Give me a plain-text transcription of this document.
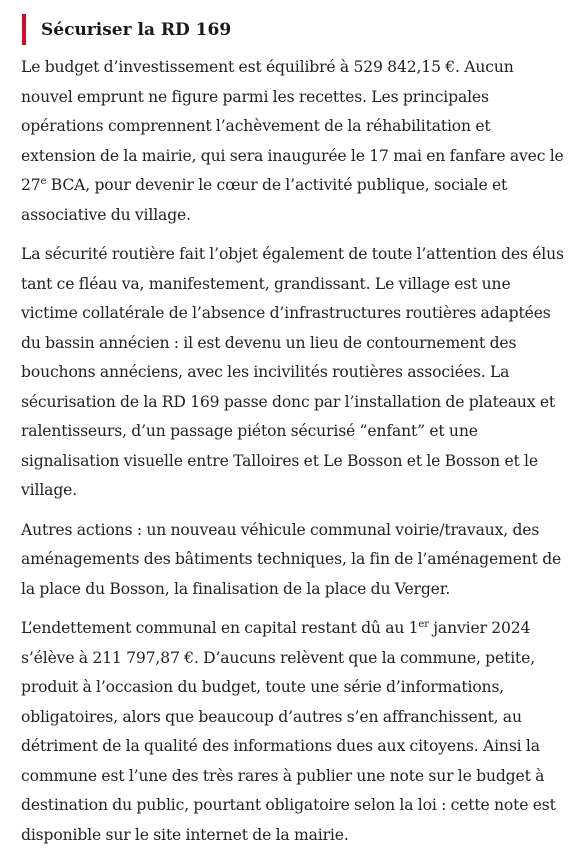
Sécuriser la RD 169

Le budget d’investissement est équilibré à 529 842,15 €. Aucun nouvel emprunt ne figure parmi les recettes. Les principales opérations comprennent l’achèvement de la réhabilitation et extension de la mairie, qui sera inaugurée le 17 mai en fanfare avec le 27e BCA, pour devenir le cœur de l’activité publique, sociale et associative du village.

La sécurité routière fait l’objet également de toute l’attention des élus tant ce fléau va, manifestement, grandissant. Le village est une victime collatérale de l’absence d’infrastructures routières adaptées du bassin annécien : il est devenu un lieu de contournement des bouchons annéciens, avec les incivilités routières associées. La sécurisation de la RD 169 passe donc par l’installation de plateaux et ralentisseurs, d’un passage piéton sécurisé “enfant” et une signalisation visuelle entre Talloires et Le Bosson et le Bosson et le village.

Autres actions : un nouveau véhicule communal voirie/travaux, des aménagements des bâtiments techniques, la fin de l’aménagement de la place du Bosson, la finalisation de la place du Verger.

L’endettement communal en capital restant dû au 1er janvier 2024 s’élève à 211 797,87 €. D’aucuns relèvent que la commune, petite, produit à l’occasion du budget, toute une série d’informations, obligatoires, alors que beaucoup d’autres s’en affranchissent, au détriment de la qualité des informations dues aux citoyens. Ainsi la commune est l’une des très rares à publier une note sur le budget à destination du public, pourtant obligatoire selon la loi : cette note est disponible sur le site internet de la mairie.
